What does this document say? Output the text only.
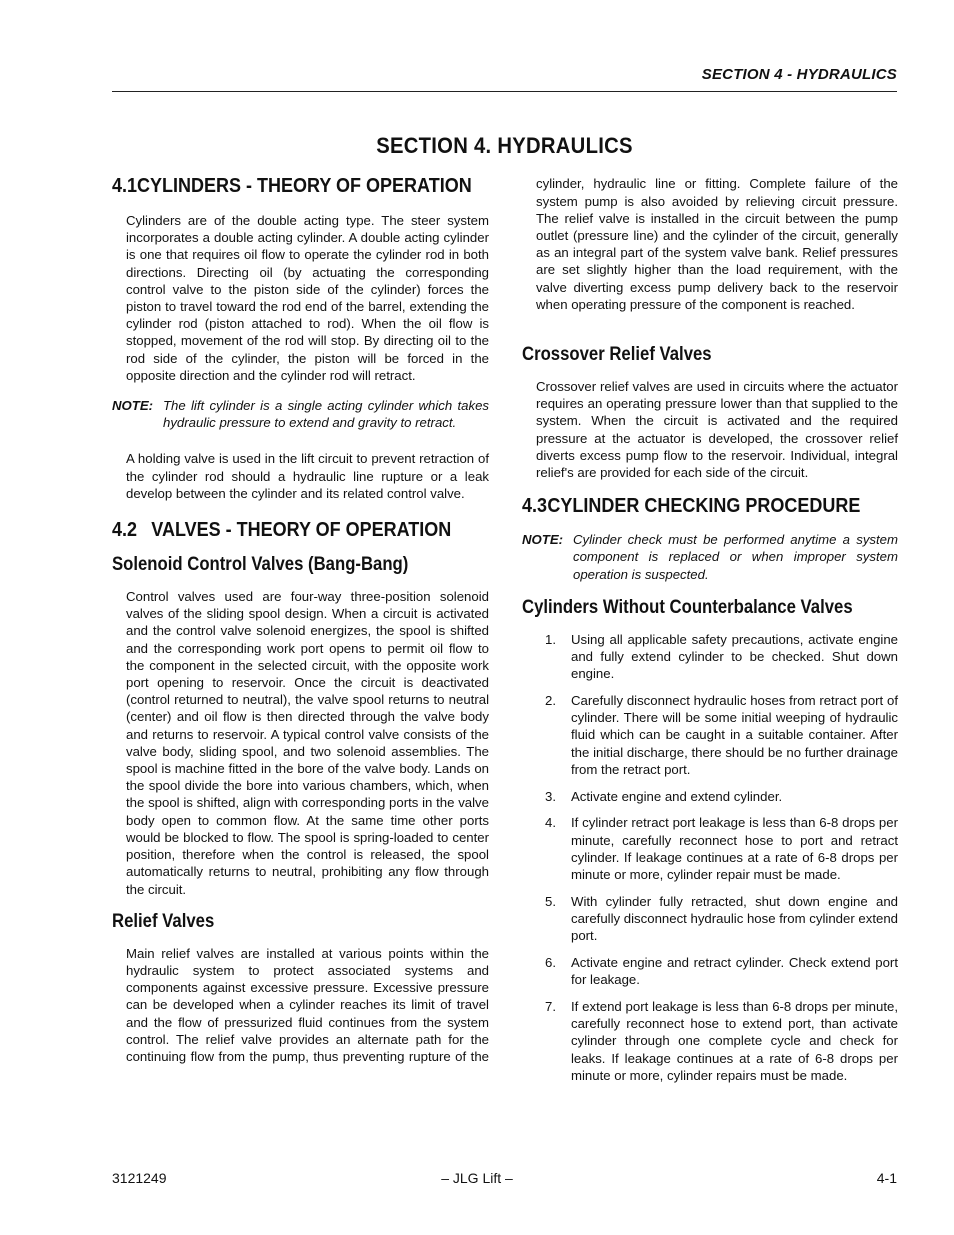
SECTION 4 - HYDRAULICS
SECTION 4. HYDRAULICS
4.1 CYLINDERS - THEORY OF OPERATION

Cylinders are of the double acting type. The steer system incorporates a double acting cylinder. A double acting cylinder is one that requires oil flow to operate the cylinder rod in both directions. Directing oil (by actuating the corresponding control valve to the piston side of the cylinder) forces the piston to travel toward the rod end of the barrel, extending the cylinder rod (piston attached to rod). When the oil flow is stopped, movement of the rod will stop. By directing oil to the rod side of the cylinder, the piston will be forced in the opposite direction and the cylinder rod will retract.

NOTE: The lift cylinder is a single acting cylinder which takes hydraulic pressure to extend and gravity to retract.

A holding valve is used in the lift circuit to prevent retraction of the cylinder rod should a hydraulic line rupture or a leak develop between the cylinder and its related control valve.

4.2 VALVES - THEORY OF OPERATION
Solenoid Control Valves (Bang-Bang)

Control valves used are four-way three-position solenoid valves of the sliding spool design. When a circuit is activated and the control valve solenoid energizes, the spool is shifted and the corresponding work port opens to permit oil flow to the component in the selected circuit, with the opposite work port opening to reservoir. Once the circuit is deactivated (control returned to neutral), the valve spool returns to neutral (center) and oil flow is then directed through the valve body and returns to reservoir. A typical control valve consists of the valve body, sliding spool, and two solenoid assemblies. The spool is machine fitted in the bore of the valve body. Lands on the spool divide the bore into various chambers, which, when the spool is shifted, align with corresponding ports in the valve body open to common flow. At the same time other ports would be blocked to flow. The spool is spring-loaded to center position, therefore when the control is released, the spool automatically returns to neutral, prohibiting any flow through the circuit.

Relief Valves

Main relief valves are installed at various points within the hydraulic system to protect associated systems and components against excessive pressure. Excessive pressure can be developed when a cylinder reaches its limit of travel and the flow of pressurized fluid continues from the system control. The relief valve provides an alternate path for the continuing flow from the pump, thus preventing rupture of the

cylinder, hydraulic line or fitting. Complete failure of the system pump is also avoided by relieving circuit pressure. The relief valve is installed in the circuit between the pump outlet (pressure line) and the cylinder of the circuit, generally as an integral part of the system valve bank. Relief pressures are set slightly higher than the load requirement, with the valve diverting excess pump delivery back to the reservoir when operating pressure of the component is reached.

Crossover Relief Valves

Crossover relief valves are used in circuits where the actuator requires an operating pressure lower than that supplied to the system. When the circuit is activated and the required pressure at the actuator is developed, the crossover relief diverts excess pump flow to the reservoir. Individual, integral relief's are provided for each side of the circuit.

4.3 CYLINDER CHECKING PROCEDURE
NOTE: Cylinder check must be performed anytime a system component is replaced or when improper system operation is suspected.
Cylinders Without Counterbalance Valves
1.	Using all applicable safety precautions, activate engine and fully extend cylinder to be checked. Shut down engine.
2.	Carefully disconnect hydraulic hoses from retract port of cylinder. There will be some initial weeping of hydraulic fluid which can be caught in a suitable container. After the initial discharge, there should be no further drainage from the retract port.
3.	Activate engine and extend cylinder.
4.	If cylinder retract port leakage is less than 6-8 drops per minute, carefully reconnect hose to port and retract cylinder. If leakage continues at a rate of 6-8 drops per minute or more, cylinder repair must be made.
5.	With cylinder fully retracted, shut down engine and carefully disconnect hydraulic hose from cylinder extend port.
6.	Activate engine and retract cylinder. Check extend port for leakage.
7.	If extend port leakage is less than 6-8 drops per minute, carefully reconnect hose to extend port, than activate cylinder through one complete cycle and check for leaks. If leakage continues at a rate of 6-8 drops per minute or more, cylinder repairs must be made.
3121249	– JLG Lift –	4-1
